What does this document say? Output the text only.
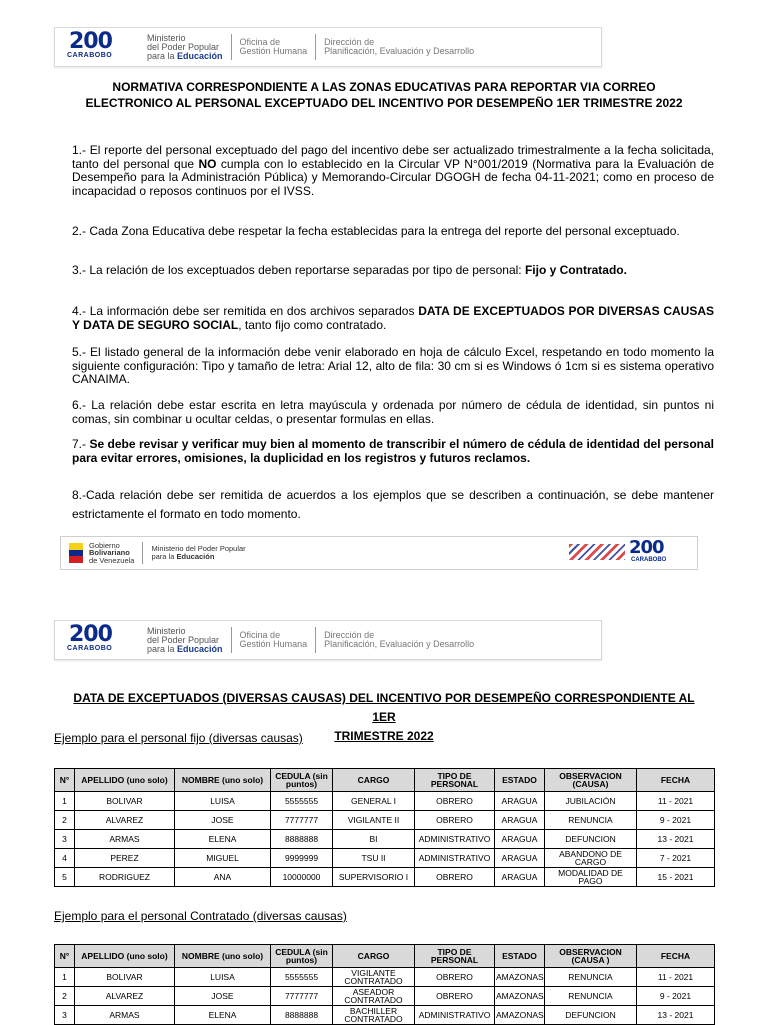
200
CARABOBO
Ministerio
del Poder Popular
para la Educación
Oficina de
Gestión Humana
Dirección de
Planificación, Evaluación y Desarrollo
NORMATIVA CORRESPONDIENTE A LAS ZONAS EDUCATIVAS PARA REPORTAR VIA CORREO
ELECTRONICO AL PERSONAL EXCEPTUADO DEL INCENTIVO POR DESEMPEÑO 1ER TRIMESTRE 2022
1.- El reporte del personal exceptuado del pago del incentivo debe ser actualizado trimestralmente a la fecha solicitada, tanto del personal que NO cumpla con lo establecido en la Circular VP N°001/2019 (Normativa para la Evaluación de Desempeño para la Administración Pública) y Memorando-Circular DGOGH de fecha 04-11-2021; como en proceso de incapacidad o reposos continuos por el IVSS.
2.- Cada Zona Educativa debe respetar la fecha establecidas para la entrega del reporte del personal exceptuado.
3.- La relación de los exceptuados deben reportarse separadas por tipo de personal: Fijo y Contratado.
4.- La información debe ser remitida en dos archivos separados DATA DE EXCEPTUADOS POR DIVERSAS CAUSAS Y DATA DE SEGURO SOCIAL, tanto fijo como contratado.
5.- El listado general de la información debe venir elaborado en hoja de cálculo Excel, respetando en todo momento la siguiente configuración: Tipo y tamaño de letra: Arial 12, alto de fila: 30 cm si es Windows ó 1cm si es sistema operativo CANAIMA.
6.- La relación debe estar escrita en letra mayúscula y ordenada por número de cédula de identidad, sin puntos ni comas, sin combinar u ocultar celdas, o presentar formulas en ellas.
7.- Se debe revisar y verificar muy bien al momento de transcribir el número de cédula de identidad del personal para evitar errores, omisiones, la duplicidad en los registros y futuros reclamos.
8.-Cada relación debe ser remitida de acuerdos a los ejemplos que se describen a continuación, se debe mantener estrictamente el formato en todo momento.
Gobierno
Bolivariano
de Venezuela
Ministerio del Poder Popular
para la Educación	200
CARABOBO
200
CARABOBO
Ministerio
del Poder Popular
para la Educación
Oficina de
Gestión Humana
Dirección de
Planificación, Evaluación y Desarrollo
DATA DE EXCEPTUADOS (DIVERSAS CAUSAS) DEL INCENTIVO POR DESEMPEÑO CORRESPONDIENTE AL 1ER
TRIMESTRE 2022
Ejemplo para el personal fijo (diversas causas)
N°	APELLIDO (uno solo)	NOMBRE (uno solo)	CEDULA (sin puntos)	CARGO	TIPO DE PERSONAL	ESTADO	OBSERVACION (CAUSA)	FECHA
1	BOLIVAR	LUISA	5555555	GENERAL I	OBRERO	ARAGUA	JUBILACIÓN	11 - 2021
2	ALVAREZ	JOSE	7777777	VIGILANTE II	OBRERO	ARAGUA	RENUNCIA	9 - 2021
3	ARMAS	ELENA	8888888	BI	ADMINISTRATIVO	ARAGUA	DEFUNCION	13 - 2021
4	PEREZ	MIGUEL	9999999	TSU II	ADMINISTRATIVO	ARAGUA	ABANDONO DE CARGO	7 - 2021
5	RODRIGUEZ	ANA	10000000	SUPERVISORIO I	OBRERO	ARAGUA	MODALIDAD DE PAGO	15 - 2021
Ejemplo para el personal Contratado (diversas causas)
N°	APELLIDO (uno solo)	NOMBRE (uno solo)	CEDULA (sin puntos)	CARGO	TIPO DE PERSONAL	ESTADO	OBSERVACION (CAUSA )	FECHA
1	BOLIVAR	LUISA	5555555	VIGILANTE CONTRATADO	OBRERO	AMAZONAS	RENUNCIA	11 - 2021
2	ALVAREZ	JOSE	7777777	ASEADOR CONTRATADO	OBRERO	AMAZONAS	RENUNCIA	9 - 2021
3	ARMAS	ELENA	8888888	BACHILLER CONTRATADO	ADMINISTRATIVO	AMAZONAS	DEFUNCION	13 - 2021
